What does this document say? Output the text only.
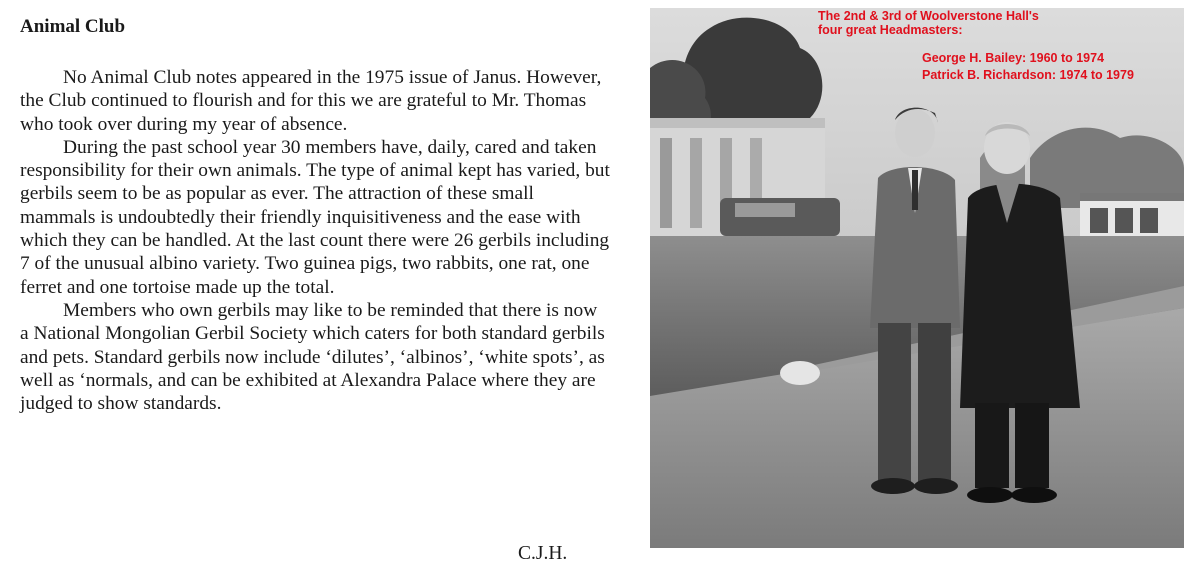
Animal Club

No Animal Club notes appeared in the 1975 issue of Janus. However, the Club continued to flourish and for this we are grateful to Mr. Thomas who took over during my year of absence.

During the past school year 30 members have, daily, cared and taken responsibility for their own animals. The type of animal kept has varied, but gerbils seem to be as popular as ever. The attraction of these small mammals is undoubtedly their friendly inquisitiveness and the ease with which they can be handled. At the last count there were 26 gerbils including 7 of the unusual albino variety. Two guinea pigs, two rabbits, one rat, one ferret and one tortoise made up the total.

Members who own gerbils may like to be reminded that there is now a National Mongolian Gerbil Society which caters for both standard gerbils and pets. Standard gerbils now include ‘dilutes’, ‘albinos’, ‘white spots’, as well as ‘normals, and can be exhibited at Alexandra Palace where they are judged to show standards.

C.J.H.
The 2nd & 3rd of Woolverstone Hall's
four great Headmasters:
George H. Bailey: 1960 to 1974
Patrick B. Richardson: 1974 to 1979
